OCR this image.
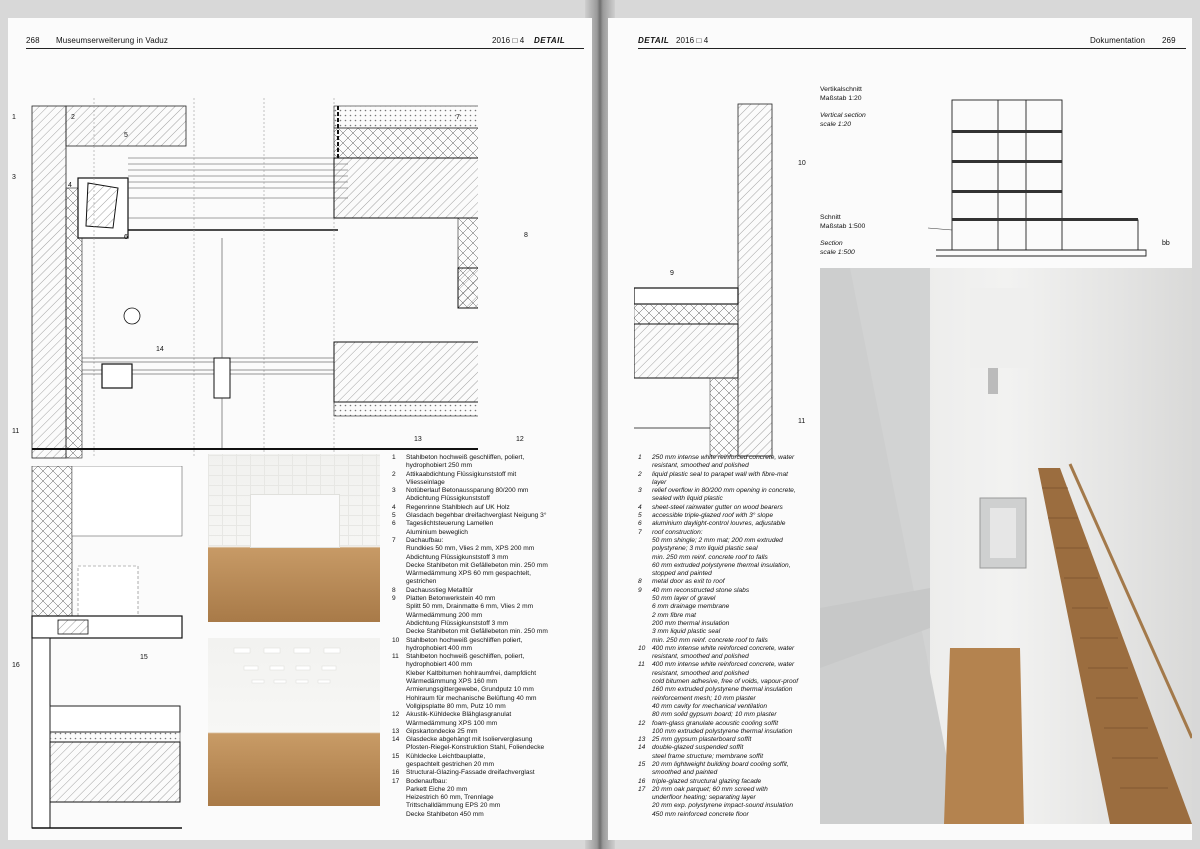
268 Museumserweiterung in Vaduz	2016 □ 4 DETAIL
1	2
3
4
5
6
7
8
14
11
13	12
16
15
1	Stahlbeton hochweiß geschliffen, poliert,
hydrophobiert 250 mm
2	Attikaabdichtung Flüssigkunststoff mit
Vliesseinlage
3	Notüberlauf Betonaussparung 80/200 mm
Abdichtung Flüssigkunststoff
4	Regenrinne Stahlblech auf UK Holz
5	Glasdach begehbar dreifachverglast Neigung 3°
6	Tageslichtsteuerung Lamellen
Aluminium beweglich
7	Dachaufbau:
Rundkies 50 mm, Vlies 2 mm, XPS 200 mm
Abdichtung Flüssigkunststoff 3 mm
Decke Stahlbeton mit Gefällebeton min. 250 mm
Wärmedämmung XPS 60 mm gespachtelt,
gestrichen
8	Dachausstieg Metalltür
9	Platten Betonwerkstein 40 mm
Splitt 50 mm, Drainmatte 6 mm, Vlies 2 mm
Wärmedämmung 200 mm
Abdichtung Flüssigkunststoff 3 mm
Decke Stahlbeton mit Gefällebeton min. 250 mm
10	Stahlbeton hochweiß geschliffen poliert,
hydrophobiert 400 mm
11	Stahlbeton hochweiß geschliffen, poliert,
hydrophobiert 400 mm
Kleber Kaltbitumen hohlraumfrei, dampfdicht
Wärmedämmung XPS 160 mm
Armierungsgittergewebe, Grundputz 10 mm
Hohlraum für mechanische Belüftung 40 mm
Vollgipsplatte 80 mm, Putz 10 mm
12	Akustik-Kühldecke Blähglasgranulat
Wärmedämmung XPS 100 mm
13	Gipskartondecke 25 mm
14	Glasdecke abgehängt mit Isolierverglasung
Pfosten-Riegel-Konstruktion Stahl, Foliendecke
15	Kühldecke Leichtbauplatte,
gespachtelt gestrichen 20 mm
16	Structural-Glazing-Fassade dreifachverglast
17	Bodenaufbau:
Parkett Eiche 20 mm
Heizestrich 60 mm, Trennlage
Trittschalldämmung EPS 20 mm
Decke Stahlbeton 450 mm
DETAIL 2016 □ 4	Dokumentation 269
10
9
11
Vertikalschnitt
Maßstab 1:20
Vertical section
scale 1:20
Schnitt
Maßstab 1:500
Section
scale 1:500
bb
1	250 mm intense white reinforced concrete, water
resistant, smoothed and polished
2	liquid plastic seal to parapet wall with fibre-mat
layer
3	relief overflow in 80/200 mm opening in concrete,
sealed with liquid plastic
4	sheet-steel rainwater gutter on wood bearers
5	accessible triple-glazed roof with 3° slope
6	aluminium daylight-control louvres, adjustable
7	roof construction:
50 mm shingle; 2 mm mat; 200 mm extruded
polystyrene; 3 mm liquid plastic seal
min. 250 mm reinf. concrete roof to falls
60 mm extruded polystyrene thermal insulation,
stopped and painted
8	metal door as exit to roof
9	40 mm reconstructed stone slabs
50 mm layer of gravel
6 mm drainage membrane
2 mm fibre mat
200 mm thermal insulation
3 mm liquid plastic seal
min. 250 mm reinf. concrete roof to falls
10	400 mm intense white reinforced concrete, water
resistant, smoothed and polished
11	400 mm intense white reinforced concrete, water
resistant, smoothed and polished
cold bitumen adhesive, free of voids, vapour-proof
160 mm extruded polystyrene thermal insulation
reinforcement mesh; 10 mm plaster
40 mm cavity for mechanical ventilation
80 mm solid gypsum board; 10 mm plaster
12	foam-glass granulate acoustic cooling soffit
100 mm extruded polystyrene thermal insulation
13	25 mm gypsum plasterboard soffit
14	double-glazed suspended soffit
steel frame structure; membrane soffit
15	20 mm lightweight building board cooling soffit,
smoothed and painted
16	triple-glazed structural glazing facade
17	20 mm oak parquet; 60 mm screed with
underfloor heating; separating layer
20 mm exp. polystyrene impact-sound insulation
450 mm reinforced concrete floor
